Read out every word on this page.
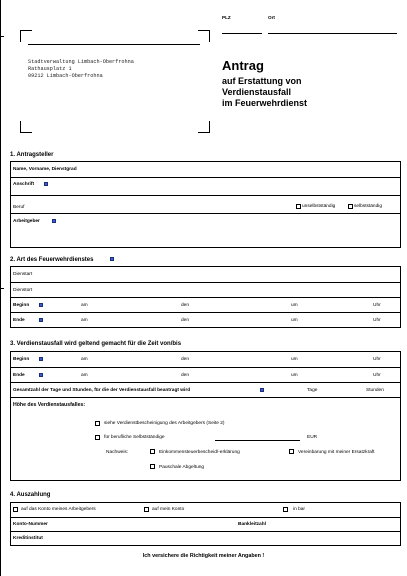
PLZ	Ort
Stadtverwaltung Limbach-Oberfrohna
Rathausplatz 1
09212 Limbach-Oberfrohna
Antrag
auf Erstattung von
Verdienstausfall
im Feuerwehrdienst
1. Antragsteller
Name, Vorname, Dienstgrad
Anschrift
Beruf	unselbstständig	selbstständig
Arbeitgeber
2. Art des Feuerwehrdienstes
Dienstart
Dienstort
Beginn	am	den	um	Uhr
Ende	am	den	um	Uhr
3. Verdienstausfall wird geltend gemacht für die Zeit von/bis
Beginn	am	den	um	Uhr
Ende	am	den	um	Uhr
Gesamtzahl der Tage und Stunden, für die der Verdienstausfall beantragt wird	Tage	Stunden
Höhe des Verdienstausfalles:
siehe Verdienstbescheinigung des Arbeitgebers (Seite 2)
für berufliche Selbstständige	EUR
Nachweis:	Einkommensteuerbescheid/-erklärung	Vereinbarung mit meiner Ersatzkraft
Pauschale Abgeltung
4. Auszahlung
auf das Konto meines Arbeitgebers	auf mein Konto	in bar
Konto-Nummer	Bankleitzahl
Kreditinstitut
Ich versichere die Richtigkeit meiner Angaben !
